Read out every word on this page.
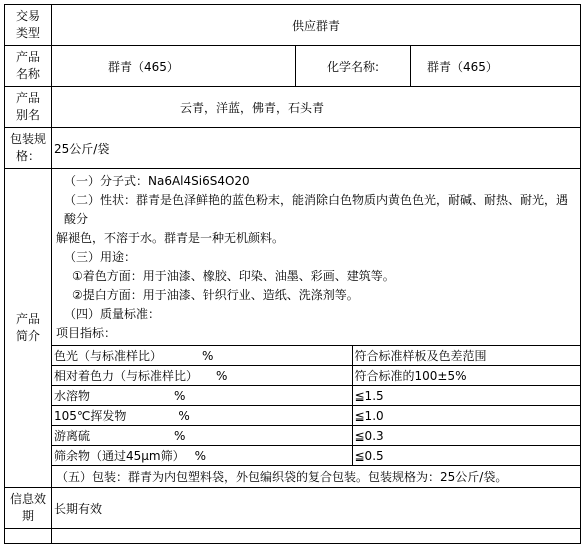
交易
类型
	供应群青

产品
名称
	群青（465）	化学名称:	群青（465）

产品
别名
	云青，洋蓝，佛青，石头青

包装规
格：
	25公斤/袋

产品
简介

（一）分子式：Na6Al4Si6S4O20
（二）性状：群青是色泽鲜艳的蓝色粉末，能消除白色物质内黄色色光，耐碱、耐热、耐光，遇酸分
解褪色，不溶于水。群青是一种无机颜料。
（三）用途：
①着色方面：用于油漆、橡胶、印染、油墨、彩画、建筑等。
②提白方面：用于油漆、针织行业、造纸、洗涤剂等。
（四）质量标准：
项目指标：
色光（与标准样比）	%	符合标准样板及色差范围
相对着色力（与标准样比） %	符合标准的100±5%
水溶物	%	≦1.5
105℃挥发物	%	≦1.0
游离硫	%	≦0.3
筛余物（通过45μm筛） %	≦0.5
（五）包装：群青为内包塑料袋，外包编织袋的复合包装。包装规格为：25公斤/袋。

信息效
期
	长期有效
